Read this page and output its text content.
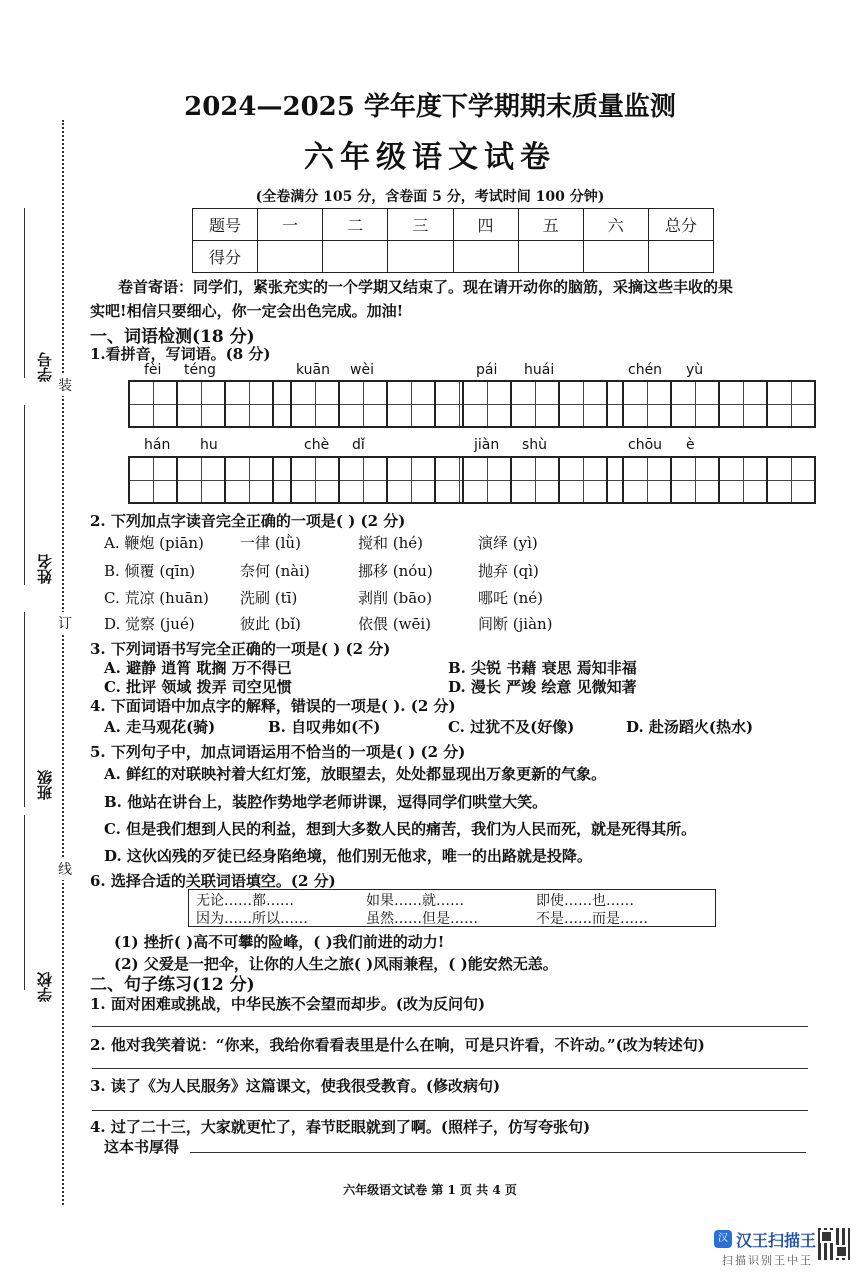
学号
姓名
班级
学校
装
订
线
2024—2025 学年度下学期期末质量监测
六年级语文试卷
(全卷满分 105 分，含卷面 5 分，考试时间 100 分钟)
题号	一	二	三	四	五	六	总分
得分							
卷首寄语：同学们，紧张充实的一个学期又结束了。现在请开动你的脑筋，采摘这些丰收的果
实吧!相信只要细心，你一定会出色完成。加油!
一、词语检测(18 分)
1.看拼音，写词语。(8 分)
fèi téng	kuān wèi	pái huái	chén yù
hán hu	chè dǐ	jiàn shù	chōu è
2. 下列加点字读音完全正确的一项是( ) (2 分)
A. 鞭炮 (piān) 一律 (lǜ)	搅和 (hé)	演绎 (yì)
B. 倾覆 (qīn)	奈何 (nài)	挪移 (nóu)	抛弃 (qì)
C. 荒凉 (huān) 洗刷 (tī)	剥削 (bāo)	哪吒 (né)
D. 觉察 (jué)	彼此 (bǐ)	依偎 (wēi)	间断 (jiàn)
3. 下列词语书写完全正确的一项是( ) (2 分)
A. 避静 逍筲 耽搁 万不得已	B. 尖锐 书藉 衰思 焉知非福
C. 批评 领域 拨弄 司空见惯	D. 漫长 严竣 绘意 见微知著
4. 下面词语中加点字的解释，错误的一项是( ). (2 分)
A. 走马观花(骑)	B. 自叹弗如(不)	C. 过犹不及(好像)	D. 赴汤蹈火(热水)
5. 下列句子中，加点词语运用不恰当的一项是( ) (2 分)
A. 鲜红的对联映衬着大红灯笼，放眼望去，处处都显现出万象更新的气象。
B. 他站在讲台上，装腔作势地学老师讲课，逗得同学们哄堂大笑。
C. 但是我们想到人民的利益，想到大多数人民的痛苦，我们为人民而死，就是死得其所。
D. 这伙凶残的歹徒已经身陷绝境，他们别无他求，唯一的出路就是投降。
6. 选择合适的关联词语填空。(2 分)
无论……都……	如果……就……	即使……也……
因为……所以……	虽然……但是……	不是……而是……
(1) 挫折( )高不可攀的险峰，( )我们前进的动力!
(2) 父爱是一把伞，让你的人生之旅( )风雨兼程，( )能安然无恙。
二、句子练习(12 分)
1. 面对困难或挑战，中华民族不会望而却步。(改为反问句)
2. 他对我笑着说：“你来，我给你看看表里是什么在响，可是只许看，不许动。”(改为转述句)
3. 读了《为人民服务》这篇课文，使我很受教育。(修改病句)
4. 过了二十三，大家就更忙了，春节眨眼就到了啊。(照样子，仿写夸张句)
这本书厚得
六年级语文试卷 第 1 页 共 4 页
汉 汉王扫描王
扫描识别王中王
